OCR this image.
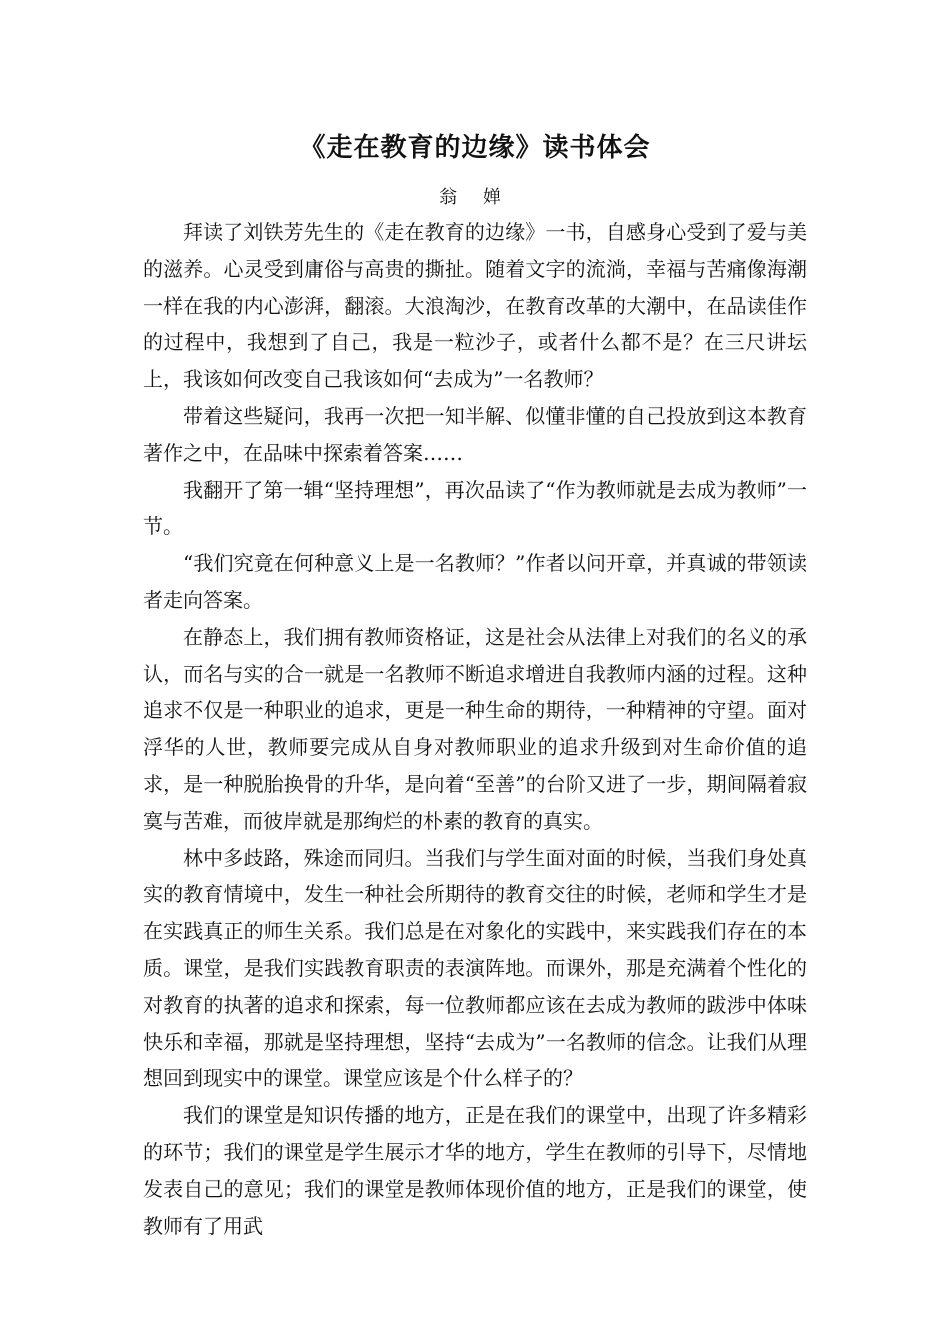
《走在教育的边缘》读书体会

翁 婵

拜读了刘铁芳先生的《走在教育的边缘》一书，自感身心受到了爱与美的滋养。心灵受到庸俗与高贵的撕扯。随着文字的流淌，幸福与苦痛像海潮一样在我的内心澎湃，翻滚。大浪淘沙，在教育改革的大潮中，在品读佳作的过程中，我想到了自己，我是一粒沙子，或者什么都不是？在三尺讲坛上，我该如何改变自己我该如何“去成为”一名教师？

带着这些疑问，我再一次把一知半解、似懂非懂的自己投放到这本教育著作之中，在品味中探索着答案……

我翻开了第一辑“坚持理想”，再次品读了“作为教师就是去成为教师”一节。

“我们究竟在何种意义上是一名教师？”作者以问开章，并真诚的带领读者走向答案。

在静态上，我们拥有教师资格证，这是社会从法律上对我们的名义的承认，而名与实的合一就是一名教师不断追求增进自我教师内涵的过程。这种追求不仅是一种职业的追求，更是一种生命的期待，一种精神的守望。面对浮华的人世，教师要完成从自身对教师职业的追求升级到对生命价值的追求，是一种脱胎换骨的升华，是向着“至善”的台阶又进了一步，期间隔着寂寞与苦难，而彼岸就是那绚烂的朴素的教育的真实。

林中多歧路，殊途而同归。当我们与学生面对面的时候，当我们身处真实的教育情境中，发生一种社会所期待的教育交往的时候，老师和学生才是在实践真正的师生关系。我们总是在对象化的实践中，来实践我们存在的本质。课堂，是我们实践教育职责的表演阵地。而课外，那是充满着个性化的对教育的执著的追求和探索，每一位教师都应该在去成为教师的跋涉中体味快乐和幸福，那就是坚持理想，坚持“去成为”一名教师的信念。让我们从理想回到现实中的课堂。课堂应该是个什么样子的？

我们的课堂是知识传播的地方，正是在我们的课堂中，出现了许多精彩的环节；我们的课堂是学生展示才华的地方，学生在教师的引导下，尽情地发表自己的意见；我们的课堂是教师体现价值的地方，正是我们的课堂，使教师有了用武
